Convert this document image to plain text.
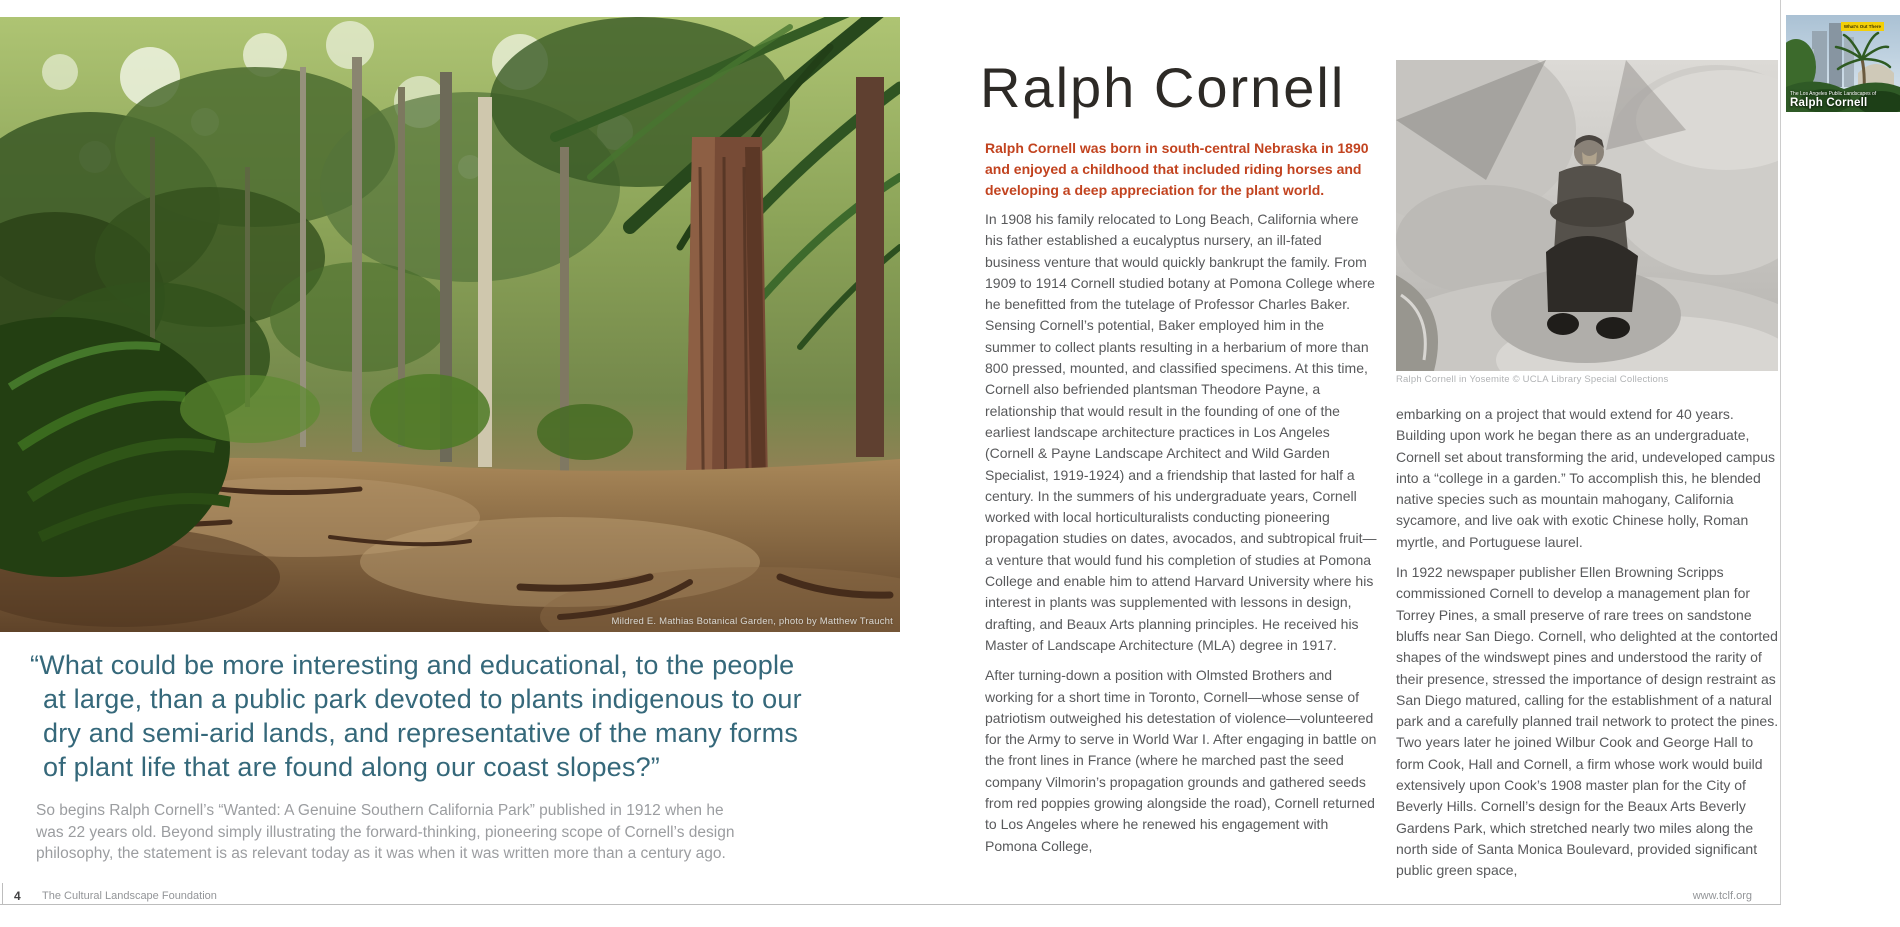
Mildred E. Mathias Botanical Garden, photo by Matthew Traucht
“What could be more interesting and educational, to the people
at large, than a public park devoted to plants indigenous to our
dry and semi-arid lands, and representative of the many forms
of plant life that are found along our coast slopes?”
So begins Ralph Cornell’s “Wanted: A Genuine Southern California Park” published in 1912 when he was 22 years old. Beyond simply illustrating the forward-thinking, pioneering scope of Cornell’s design philosophy, the statement is as relevant today as it was when it was written more than a century ago.
Ralph Cornell
Ralph Cornell was born in south-central Nebraska in 1890 and enjoyed a childhood that included riding horses and developing a deep appreciation for the plant world.

In 1908 his family relocated to Long Beach, California where his father established a eucalyptus nursery, an ill-fated business venture that would quickly bankrupt the family. From 1909 to 1914 Cornell studied botany at Pomona College where he benefitted from the tutelage of Professor Charles Baker. Sensing Cornell’s potential, Baker employed him in the summer to collect plants resulting in a herbarium of more than 800 pressed, mounted, and classified specimens. At this time, Cornell also befriended plantsman Theodore Payne, a relationship that would result in the founding of one of the earliest landscape architecture practices in Los Angeles (Cornell & Payne Landscape Architect and Wild Garden Specialist, 1919-1924) and a friendship that lasted for half a century. In the summers of his undergraduate years, Cornell worked with local horticulturalists conducting pioneering propagation studies on dates, avocados, and subtropical fruit—a venture that would fund his completion of studies at Pomona College and enable him to attend Harvard University where his interest in plants was supplemented with lessons in design, drafting, and Beaux Arts planning principles. He received his Master of Landscape Architecture (MLA) degree in 1917.

After turning-down a position with Olmsted Brothers and working for a short time in Toronto, Cornell—whose sense of patriotism outweighed his detestation of violence—volunteered for the Army to serve in World War I. After engaging in battle on the front lines in France (where he marched past the seed company Vilmorin’s propagation grounds and gathered seeds from red poppies growing alongside the road), Cornell returned to Los Angeles where he renewed his engagement with Pomona College,

Ralph Cornell in Yosemite © UCLA Library Special Collections

embarking on a project that would extend for 40 years. Building upon work he began there as an undergraduate, Cornell set about transforming the arid, undeveloped campus into a “college in a garden.” To accomplish this, he blended native species such as mountain mahogany, California sycamore, and live oak with exotic Chinese holly, Roman myrtle, and Portuguese laurel.

In 1922 newspaper publisher Ellen Browning Scripps commissioned Cornell to develop a management plan for Torrey Pines, a small preserve of rare trees on sandstone bluffs near San Diego. Cornell, who delighted at the contorted shapes of the windswept pines and understood the rarity of their presence, stressed the importance of design restraint as San Diego matured, calling for the establishment of a natural park and a carefully planned trail network to protect the pines. Two years later he joined Wilbur Cook and George Hall to form Cook, Hall and Cornell, a firm whose work would build extensively upon Cook’s 1908 master plan for the City of Beverly Hills. Cornell’s design for the Beaux Arts Beverly Gardens Park, which stretched nearly two miles along the north side of Santa Monica Boulevard, provided significant public green space,

4 The Cultural Landscape Foundation	www.tclf.org
What’s Out There
The Los Angeles Public Landscapes of
Ralph Cornell
